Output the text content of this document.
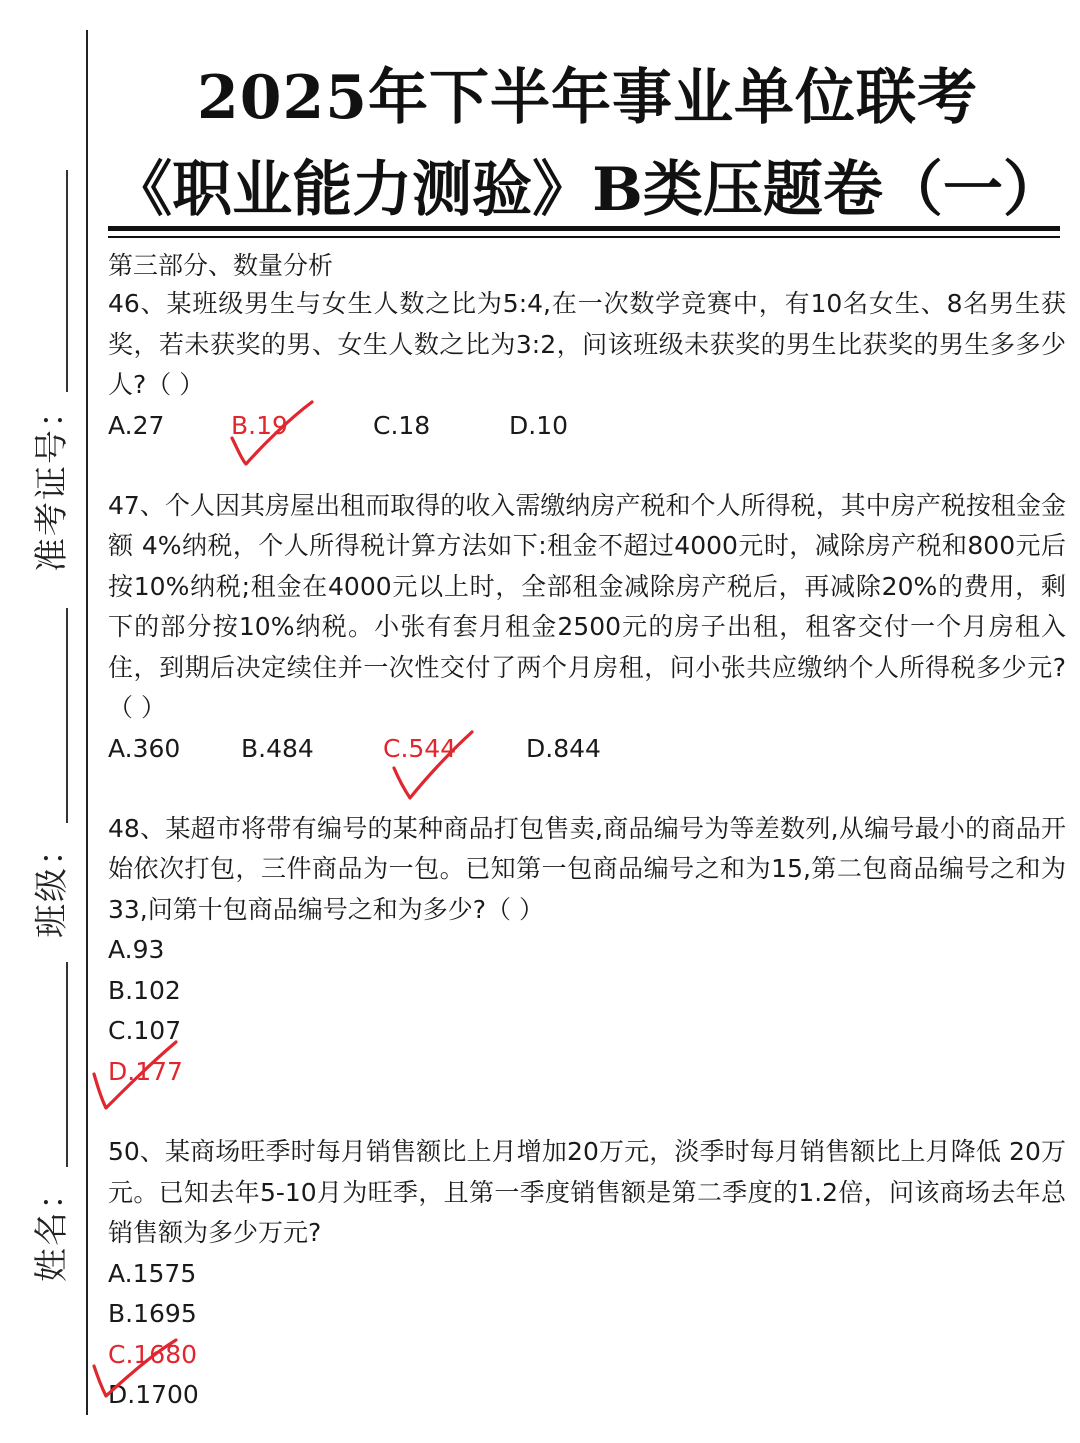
准考证号：
班级：
姓名：
2025年下半年事业单位联考
《职业能力测验》B类压题卷（一）

第三部分、数量分析

46、某班级男生与女生人数之比为5:4,在一次数学竞赛中，有10名女生、8名男生获奖，若未获奖的男、女生人数之比为3:2，问该班级未获奖的男生比获奖的男生多多少人?（ ）

A.27	B.19	C.18	D.10

47、个人因其房屋出租而取得的收入需缴纳房产税和个人所得税，其中房产税按租金金额 4%纳税，个人所得税计算方法如下:租金不超过4000元时，减除房产税和800元后按10%纳税;租金在4000元以上时，全部租金减除房产税后，再减除20%的费用，剩下的部分按10%纳税。小张有套月租金2500元的房子出租，租客交付一个月房租入住，到期后决定续住并一次性交付了两个月房租，问小张共应缴纳个人所得税多少元?（ ）

A.360	B.484	C.544	D.844

48、某超市将带有编号的某种商品打包售卖,商品编号为等差数列,从编号最小的商品开始依次打包，三件商品为一包。已知第一包商品编号之和为15,第二包商品编号之和为 33,问第十包商品编号之和为多少?（ ）

A.93
B.102
C.107
D.177

50、某商场旺季时每月销售额比上月增加20万元，淡季时每月销售额比上月降低 20万元。已知去年5-10月为旺季，且第一季度销售额是第二季度的1.2倍，问该商场去年总销售额为多少万元?

A.1575
B.1695
C.1680
D.1700
